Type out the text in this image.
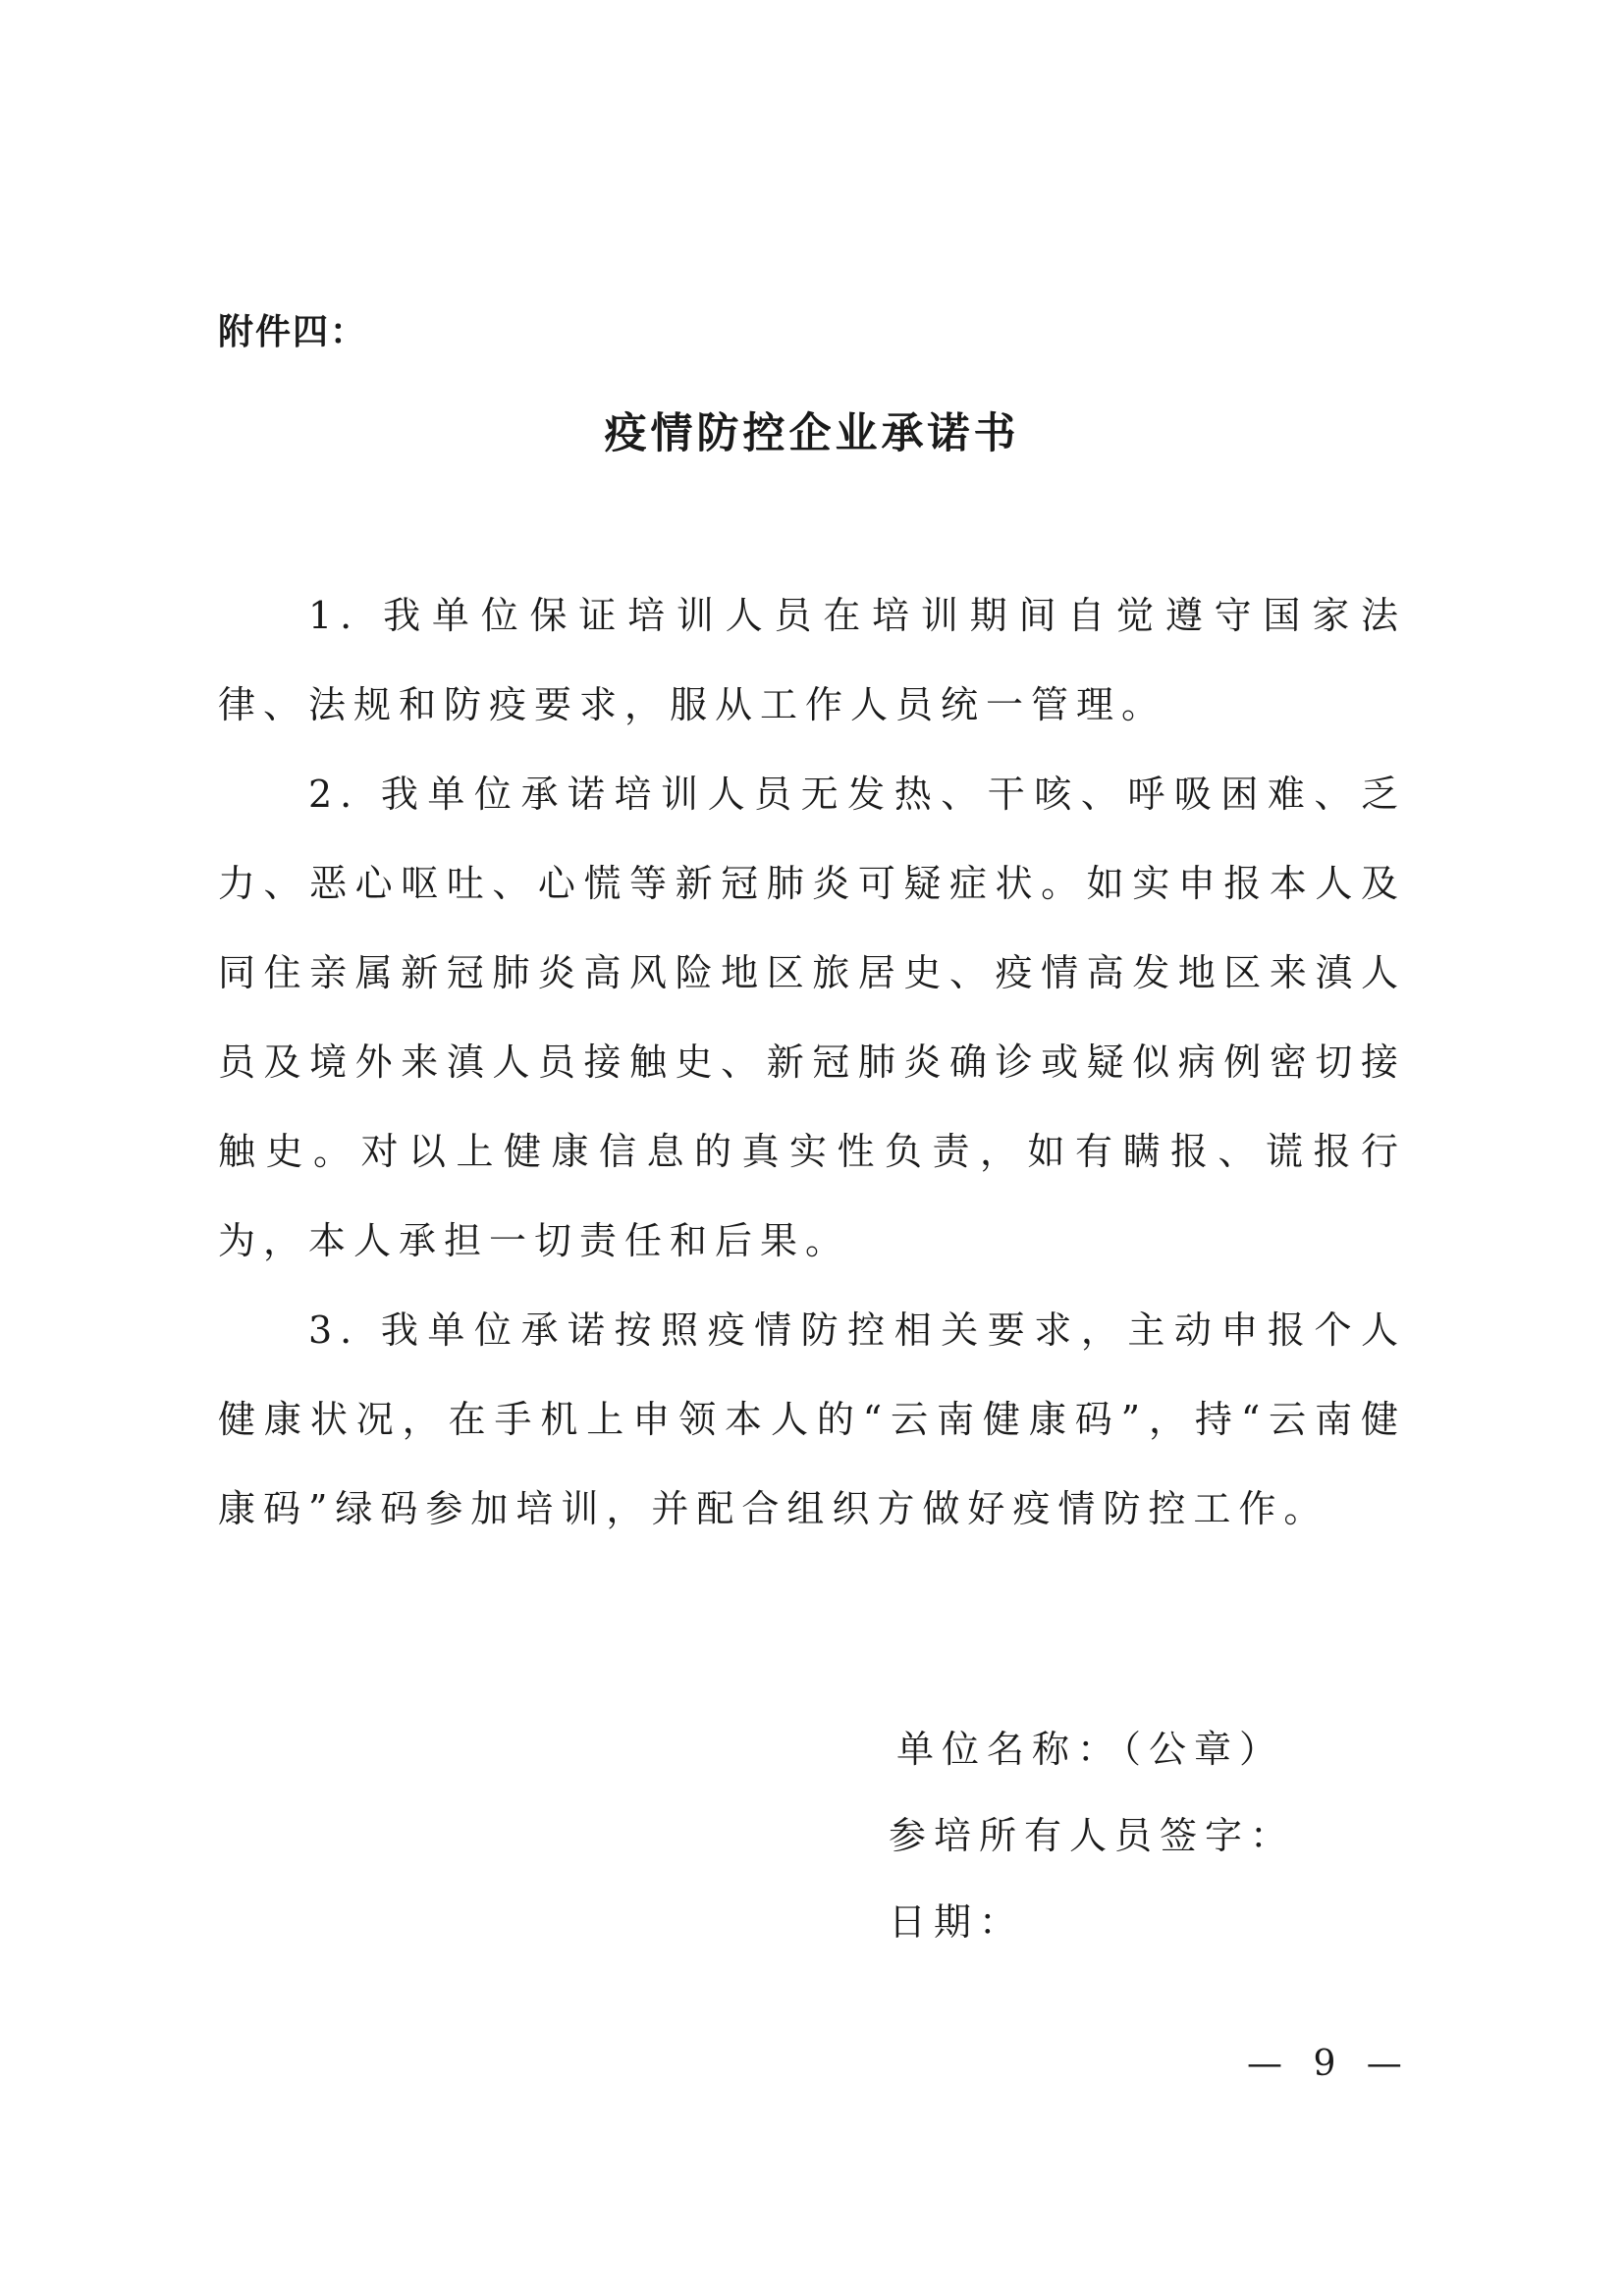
附件四：
疫情防控企业承诺书

1. 我单位保证培训人员在培训期间自觉遵守国家法律、法规和防疫要求，服从工作人员统一管理。

2. 我单位承诺培训人员无发热、干咳、呼吸困难、乏力、恶心呕吐、心慌等新冠肺炎可疑症状。如实申报本人及同住亲属新冠肺炎高风险地区旅居史、疫情高发地区来滇人员及境外来滇人员接触史、新冠肺炎确诊或疑似病例密切接触史。对以上健康信息的真实性负责，如有瞒报、谎报行为，本人承担一切责任和后果。

3. 我单位承诺按照疫情防控相关要求，主动申报个人健康状况，在手机上申领本人的“云南健康码”，持“云南健康码”绿码参加培训，并配合组织方做好疫情防控工作。

单位名称：（公章）
参培所有人员签字：
日期：
— 9 —
